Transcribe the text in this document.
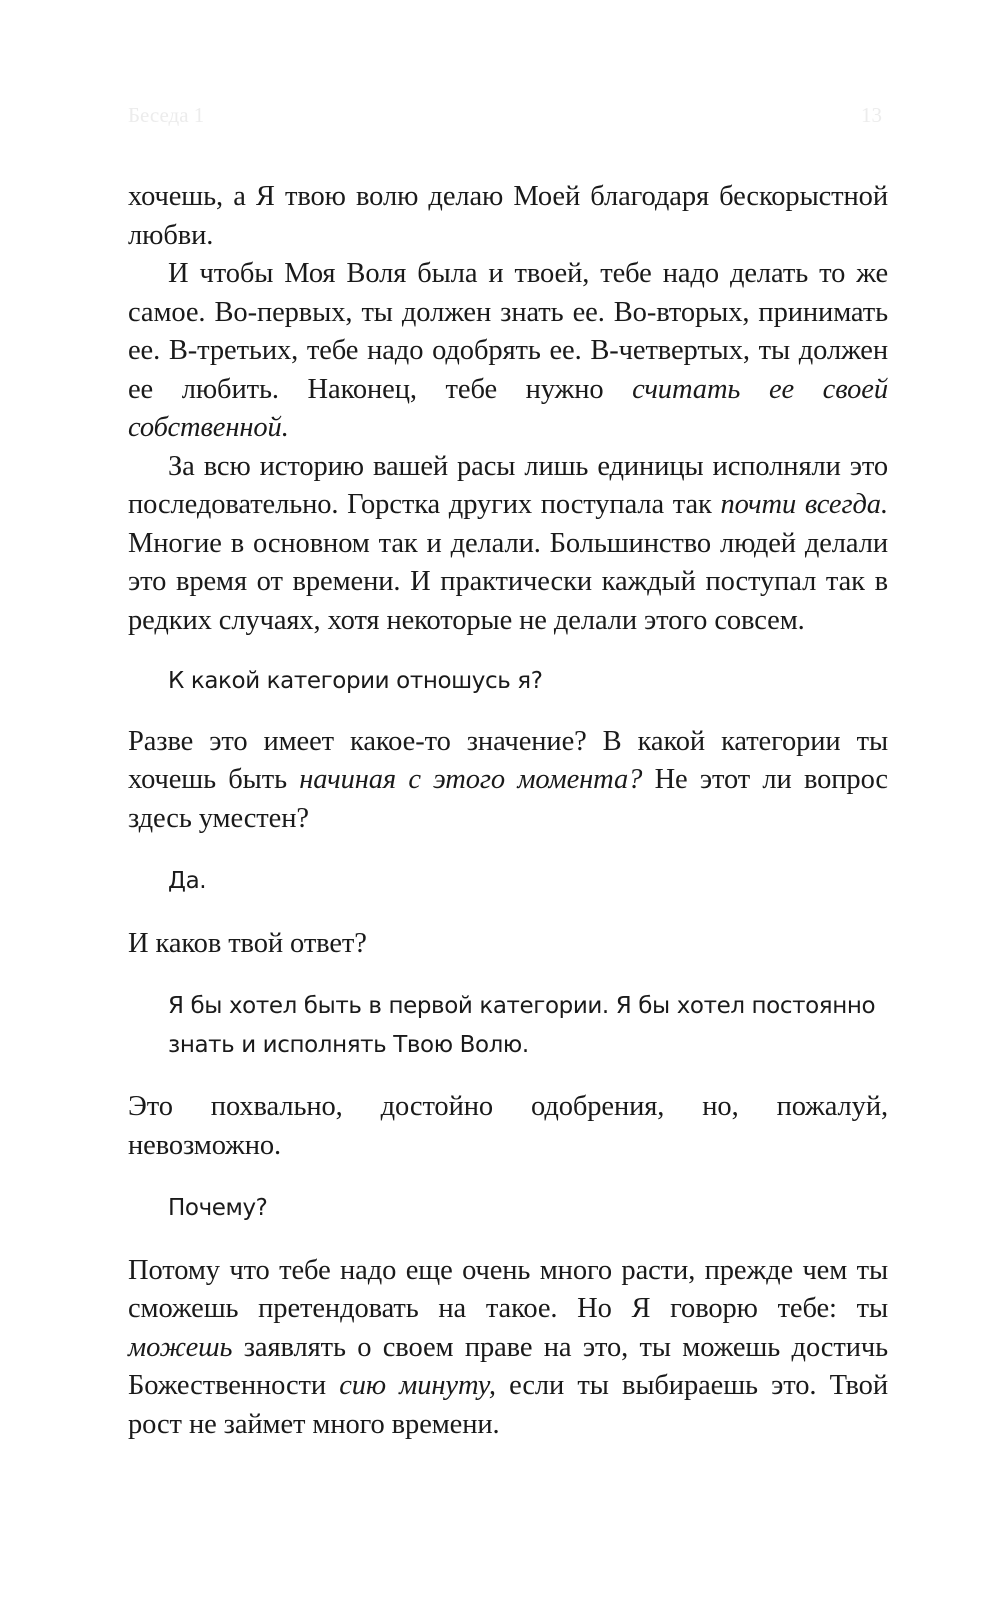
Беседа 1	13

хочешь, а Я твою волю делаю Моей благодаря бескорыстной любви.

И чтобы Моя Воля была и твоей, тебе надо делать то же самое. Во-первых, ты должен знать ее. Во-вторых, принимать ее. В-третьих, тебе надо одобрять ее. В-четвертых, ты должен ее любить. Наконец, тебе нужно считать ее своей собственной.

За всю историю вашей расы лишь единицы исполняли это последовательно. Горстка других поступала так почти всегда. Многие в основном так и делали. Большинство людей делали это время от времени. И практически каждый поступал так в редких случаях, хотя некоторые не делали этого совсем.

К какой категории отношусь я?

Разве это имеет какое-то значение? В какой категории ты хочешь быть начиная с этого момента? Не этот ли вопрос здесь уместен?

Да.

И каков твой ответ?

Я бы хотел быть в первой категории. Я бы хотел постоянно знать и исполнять Твою Волю.

Это похвально, достойно одобрения, но, пожалуй, невозможно.

Почему?

Потому что тебе надо еще очень много расти, прежде чем ты сможешь претендовать на такое. Но Я говорю тебе: ты можешь заявлять о своем праве на это, ты можешь достичь Божественности сию минуту, если ты выбираешь это. Твой рост не займет много времени.
